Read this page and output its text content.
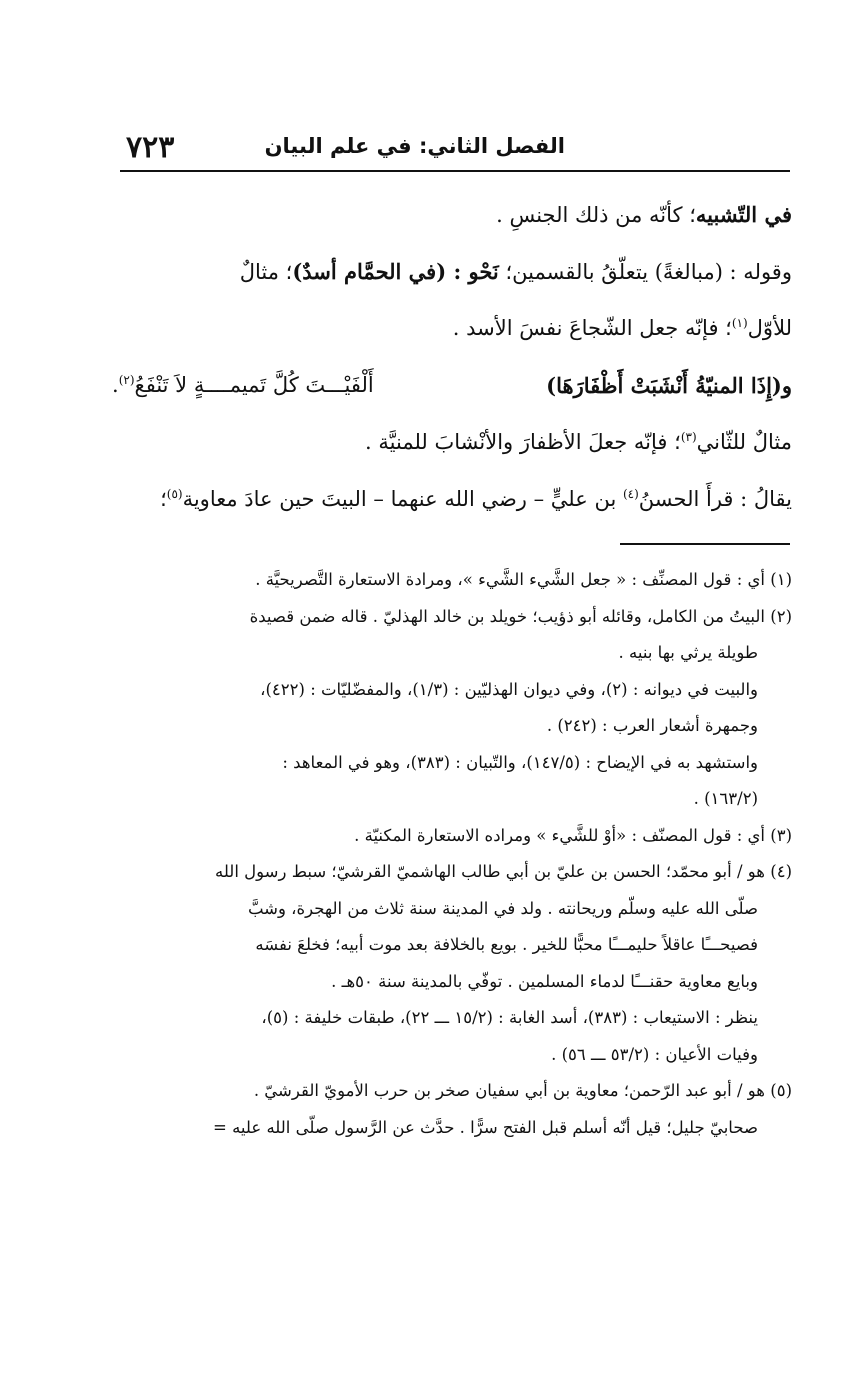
الفصل الثاني: في علم البيان
٧٢٣

في التّشبيه؛ كأنّه من ذلك الجنسِ .

وقوله : (مبالغةً) يتعلّقُ بالقسمين؛ نَحْو : (في الحمَّام أسدٌ)؛ مثالٌ

للأوّل$^{(١)}$؛ فإنّه جعل الشّجاعَ نفسَ الأسد .

و(إِذَا المنيّةُ أَنْشَبَتْ أَظْفَارَهَا)
أَلْفَيْـــتَ كُلَّ تَميمــــةٍ لاَ تَنْفَعُ$^{(٢)}$.

مثالٌ للثّاني$^{(٣)}$؛ فإنّه جعلَ الأظفارَ والأنْشابَ للمنيَّة .

يقالُ : قرأَ الحسنُ$^{(٤)}$ بن عليٍّ – رضي الله عنهما – البيتَ حين عادَ معاوية$^{(٥)}$؛

(١) أي : قول المصنِّف : « جعل الشَّيء الشَّيء »، ومرادة الاستعارة التَّصريحيَّة .
(٢) البيتُ من الكامل، وقائله أبو ذؤيب؛ خويلد بن خالد الهذليّ . قاله ضمن قصيدة
طويلة يرثي بها بنيه .
والبيت في ديوانه : (٢)، وفي ديوان الهذليّين : (١/٣)، والمفضّليّات : (٤٢٢)،
وجمهرة أشعار العرب : (٢٤٢) .
واستشهد به في الإيضاح : (١٤٧/٥)، والتّبيان : (٣٨٣)، وهو في المعاهد :
(١٦٣/٢) .
(٣) أي : قول المصنّف : «أوْ للشَّيء » ومراده الاستعارة المكنيّة .
(٤) هو / أبو محمّد؛ الحسن بن عليّ بن أبي طالب الهاشميّ القرشيّ؛ سبط رسول الله
صلّى الله عليه وسلّم وريحانته . ولد في المدينة سنة ثلاث من الهجرة، وشبَّ
فصيحـــًا عاقلاً حليمـــًا محبًّا للخير . بويع بالخلافة بعد موت أبيه؛ فخلعَ نفسَه
وبايع معاوية حقنـــًا لدماء المسلمين . توفّي بالمدينة سنة ٥٠هـ .
ينظر : الاستيعاب : (٣٨٣)، أسد الغابة : (١٥/٢ ـــ ٢٢)، طبقات خليفة : (٥)،
وفيات الأعيان : (٥٣/٢ ـــ ٥٦) .
(٥) هو / أبو عبد الرّحمن؛ معاوية بن أبي سفيان صخر بن حرب الأمويّ القرشيّ .
صحابيّ جليل؛ قيل أنّه أسلم قبل الفتح سرًّا . حدَّث عن الرَّسول صلّى الله عليه =
